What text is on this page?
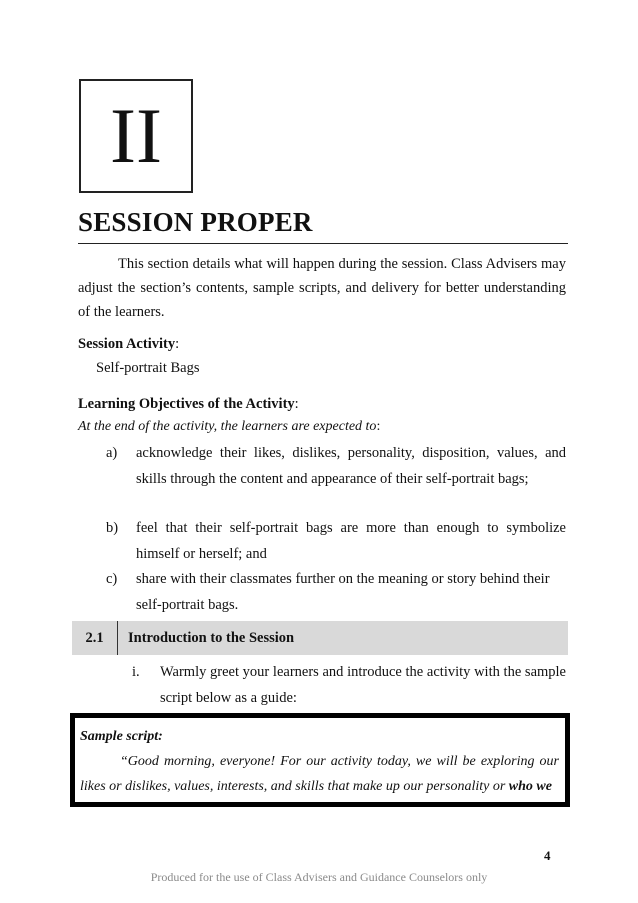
II
SESSION PROPER

This section details what will happen during the session. Class Advisers may adjust the section’s contents, sample scripts, and delivery for better understanding of the learners.

Session Activity:
Self-portrait Bags
Learning Objectives of the Activity:
At the end of the activity, the learners are expected to:
a) acknowledge their likes, dislikes, personality, disposition, values, and skills through the content and appearance of their self-portrait bags;
b) feel that their self-portrait bags are more than enough to symbolize himself or herself; and
c) share with their classmates further on the meaning or story behind their self-portrait bags.
2.1	Introduction to the Session
i. Warmly greet your learners and introduce the activity with the sample script below as a guide:
Sample script:
“Good morning, everyone! For our activity today, we will be exploring our likes or dislikes, values, interests, and skills that make up our personality or who we
4
Produced for the use of Class Advisers and Guidance Counselors only
